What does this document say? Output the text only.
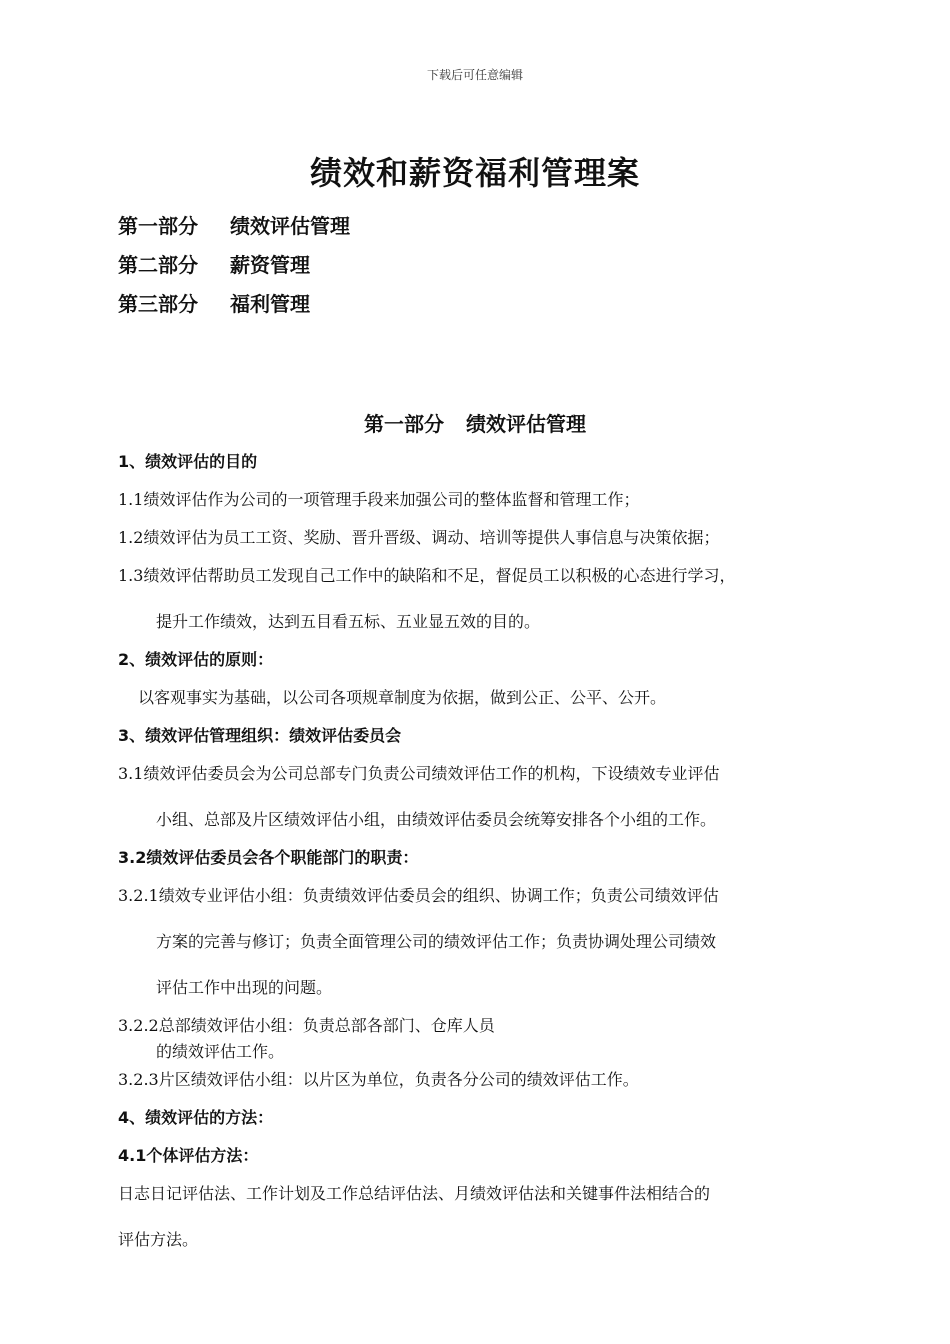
下载后可任意编辑
绩效和薪资福利管理案
第一部分 绩效评估管理
第二部分 薪资管理
第三部分 福利管理
第一部分 绩效评估管理
1、绩效评估的目的
1.1绩效评估作为公司的一项管理手段来加强公司的整体监督和管理工作；
1.2绩效评估为员工工资、奖励、晋升晋级、调动、培训等提供人事信息与决策依据；
1.3绩效评估帮助员工发现自己工作中的缺陷和不足，督促员工以积极的心态进行学习，
提升工作绩效，达到五目看五标、五业显五效的目的。
2、绩效评估的原则：
以客观事实为基础，以公司各项规章制度为依据，做到公正、公平、公开。
3、绩效评估管理组织：绩效评估委员会
3.1绩效评估委员会为公司总部专门负责公司绩效评估工作的机构，下设绩效专业评估
小组、总部及片区绩效评估小组，由绩效评估委员会统筹安排各个小组的工作。
3.2绩效评估委员会各个职能部门的职责：
3.2.1绩效专业评估小组：负责绩效评估委员会的组织、协调工作；负责公司绩效评估
方案的完善与修订；负责全面管理公司的绩效评估工作；负责协调处理公司绩效
评估工作中出现的问题。
3.2.2总部绩效评估小组：负责总部各部门、仓库人员
的绩效评估工作。
3.2.3片区绩效评估小组：以片区为单位，负责各分公司的绩效评估工作。
4、绩效评估的方法：
4.1个体评估方法：
日志日记评估法、工作计划及工作总结评估法、月绩效评估法和关键事件法相结合的
评估方法。
